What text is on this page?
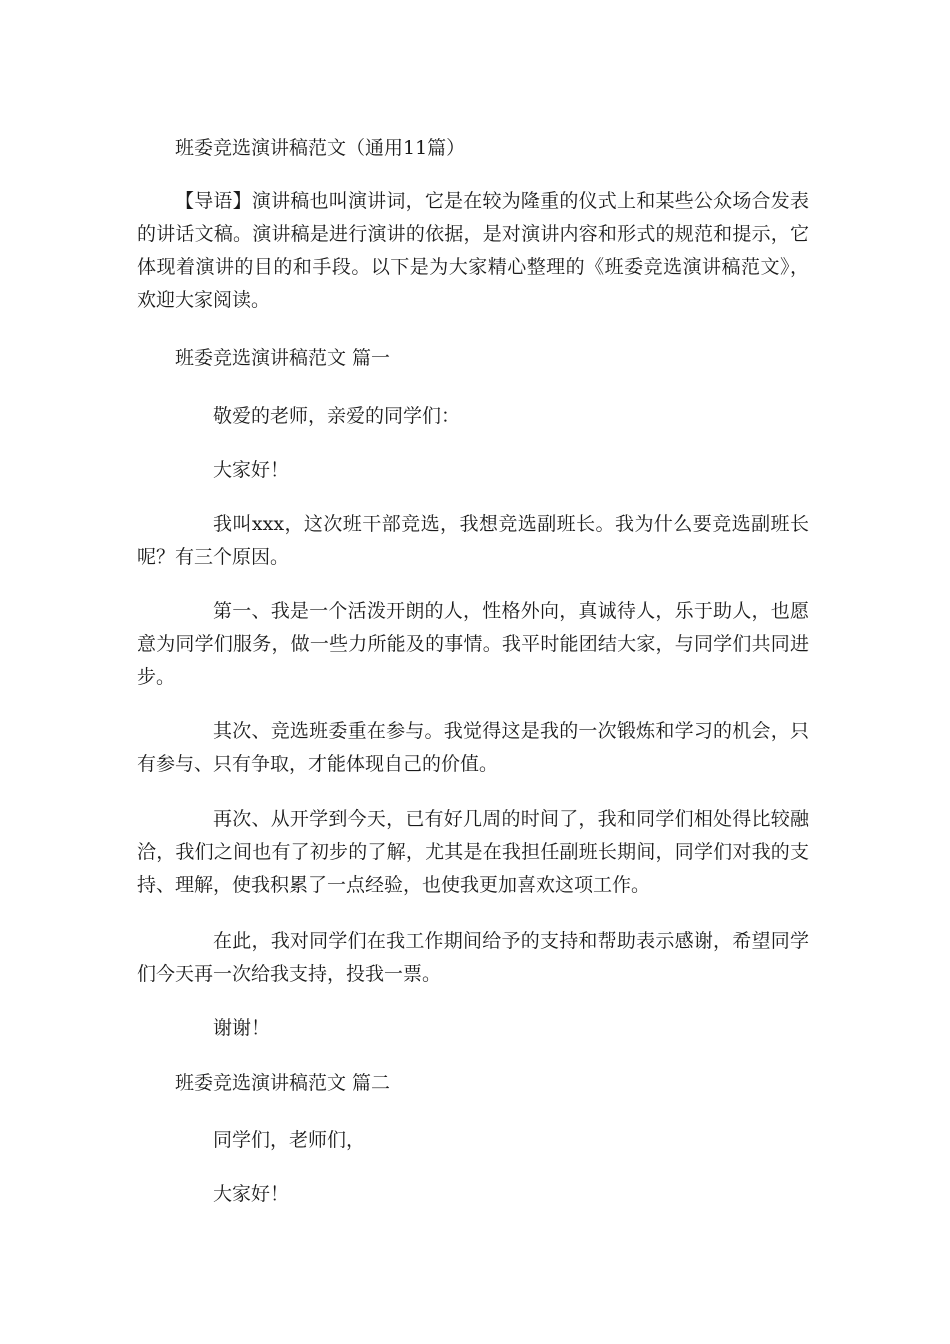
班委竞选演讲稿范文（通用11篇）
【导语】演讲稿也叫演讲词，它是在较为隆重的仪式上和某些公众场合发表的讲话文稿。演讲稿是进行演讲的依据，是对演讲内容和形式的规范和提示，它体现着演讲的目的和手段。以下是为大家精心整理的《班委竞选演讲稿范文》，欢迎大家阅读。
班委竞选演讲稿范文 篇一
敬爱的老师，亲爱的同学们：
大家好！
我叫xxx，这次班干部竞选，我想竞选副班长。我为什么要竞选副班长呢？有三个原因。
第一、我是一个活泼开朗的人，性格外向，真诚待人，乐于助人，也愿意为同学们服务，做一些力所能及的事情。我平时能团结大家，与同学们共同进步。
其次、竞选班委重在参与。我觉得这是我的一次锻炼和学习的机会，只有参与、只有争取，才能体现自己的价值。
再次、从开学到今天，已有好几周的时间了，我和同学们相处得比较融洽，我们之间也有了初步的了解，尤其是在我担任副班长期间，同学们对我的支持、理解，使我积累了一点经验，也使我更加喜欢这项工作。
在此，我对同学们在我工作期间给予的支持和帮助表示感谢，希望同学们今天再一次给我支持，投我一票。
谢谢！
班委竞选演讲稿范文 篇二
同学们，老师们，
大家好！
